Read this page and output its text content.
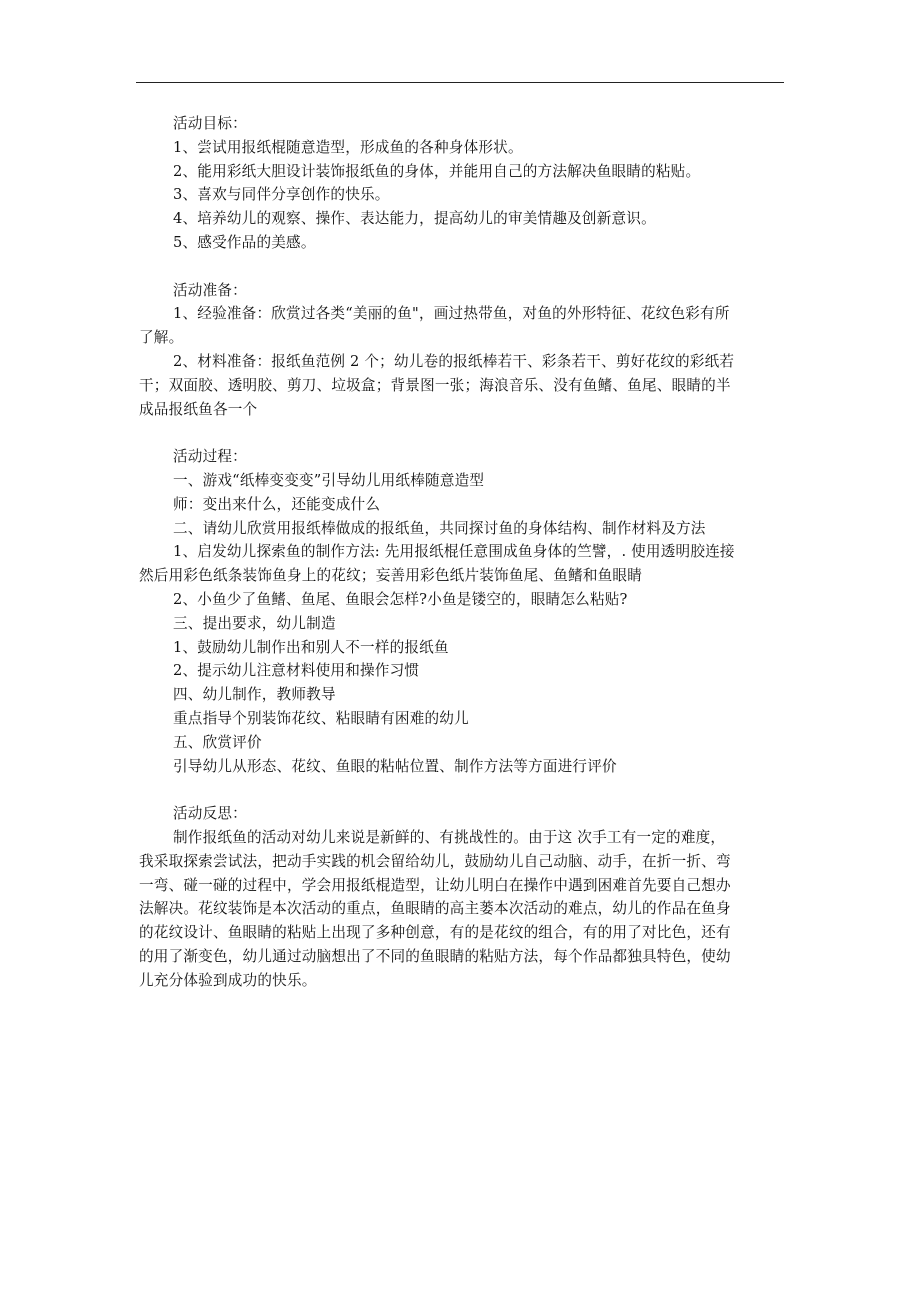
活动目标：

1、尝试用报纸棍随意造型，形成鱼的各种身体形状。

2、能用彩纸大胆设计装饰报纸鱼的身体，并能用自己的方法解决鱼眼睛的粘贴。

3、喜欢与同伴分享创作的快乐。

4、培养幼儿的观察、操作、表达能力，提高幼儿的审美情趣及创新意识。

5、感受作品的美感。

活动准备：

1、经验准备：欣赏过各类“美丽的鱼"，画过热带鱼，对鱼的外形特征、花纹色彩有所

了解。

2、材料准备：报纸鱼范例 2 个；幼儿卷的报纸棒若干、彩条若干、剪好花纹的彩纸若

干；双面胶、透明胶、剪刀、垃圾盒；背景图一张；海浪音乐、没有鱼鳍、鱼尾、眼睛的半

成品报纸鱼各一个

活动过程：

一、游戏“纸棒变变变”引导幼儿用纸棒随意造型

师：变出来什么，还能变成什么

二、请幼儿欣赏用报纸棒做成的报纸鱼，共同探讨鱼的身体结构、制作材料及方法

1、启发幼儿探索鱼的制作方法: 先用报纸棍任意围成鱼身体的竺譬，. 使用透明胶连接

然后用彩色纸条装饰鱼身上的花纹；妄善用彩色纸片装饰鱼尾、鱼鳍和鱼眼睛

2、小鱼少了鱼鳍、鱼尾、鱼眼会怎样?小鱼是镂空的，眼睛怎么粘贴?

三、提出要求，幼儿制造

1、鼓励幼儿制作出和别人不一样的报纸鱼

2、提示幼儿注意材料使用和操作习惯

四、幼儿制作，教师教导

重点指导个别装饰花纹、粘眼睛有困难的幼儿

五、欣赏评价

引导幼儿从形态、花纹、鱼眼的粘帖位置、制作方法等方面进行评价

活动反思：

制作报纸鱼的活动对幼儿来说是新鲜的、有挑战性的。由于这 次手工有一定的难度，

我采取探索尝试法，把动手实践的机会留给幼儿，鼓励幼儿自己动脑、动手，在折一折、弯

一弯、碰一碰的过程中，学会用报纸棍造型，让幼儿明白在操作中遇到困难首先要自己想办

法解决。花纹装饰是本次活动的重点，鱼眼睛的高主蒌本次活动的难点，幼儿的作品在鱼身

的花纹设计、鱼眼睛的粘贴上出现了多种创意，有的是花纹的组合，有的用了对比色，还有

的用了渐变色，幼儿通过动脑想出了不同的鱼眼睛的粘贴方法，每个作品都独具特色，使幼

儿充分体验到成功的快乐。
